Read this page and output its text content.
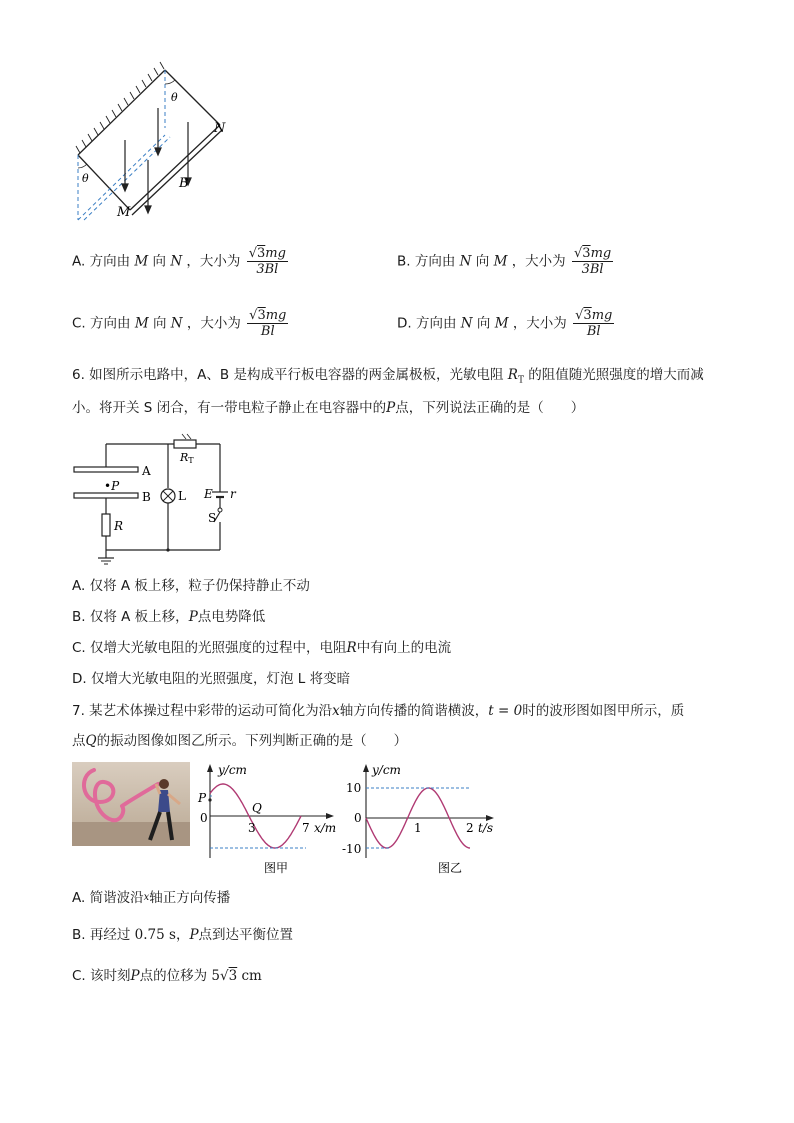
θ
θ
N
M
B
A. 方向由 M 向 N ，大小为 $\frac{√3mg}{3Bl}$	B. 方向由 N 向 M ，大小为 $\frac{√3mg}{3Bl}$
C. 方向由 M 向 N ，大小为 $\frac{√3mg}{Bl}$	D. 方向由 N 向 M ，大小为 $\frac{√3mg}{Bl}$
6. 如图所示电路中，A、B 是构成平行板电容器的两金属极板，光敏电阻 $R_T$ 的阻值随光照强度的增大而减
小。将开关 S 闭合，有一带电粒子静止在电容器中的P点，下列说法正确的是（　　）
A
B
•P
RT
E r
S
L
R
A. 仅将 A 板上移，粒子仍保持静止不动
B. 仅将 A 板上移，P点电势降低
C. 仅增大光敏电阻的光照强度的过程中，电阻R中有向上的电流
D. 仅增大光敏电阻的光照强度，灯泡 L 将变暗
7. 某艺术体操过程中彩带的运动可简化为沿x轴方向传播的简谐横波，t = 0时的波形图如图甲所示，质
点Q的振动图像如图乙所示。下列判断正确的是（　　）
y/cm
x/m
P
Q
0
3	7
图甲
y/cm
t/s
10
-10
0
1	2
图乙
A. 简谐波沿$^x$轴正方向传播
B. 再经过 0.75 s，P点到达平衡位置
C. 该时刻P点的位移为 5√3 cm
